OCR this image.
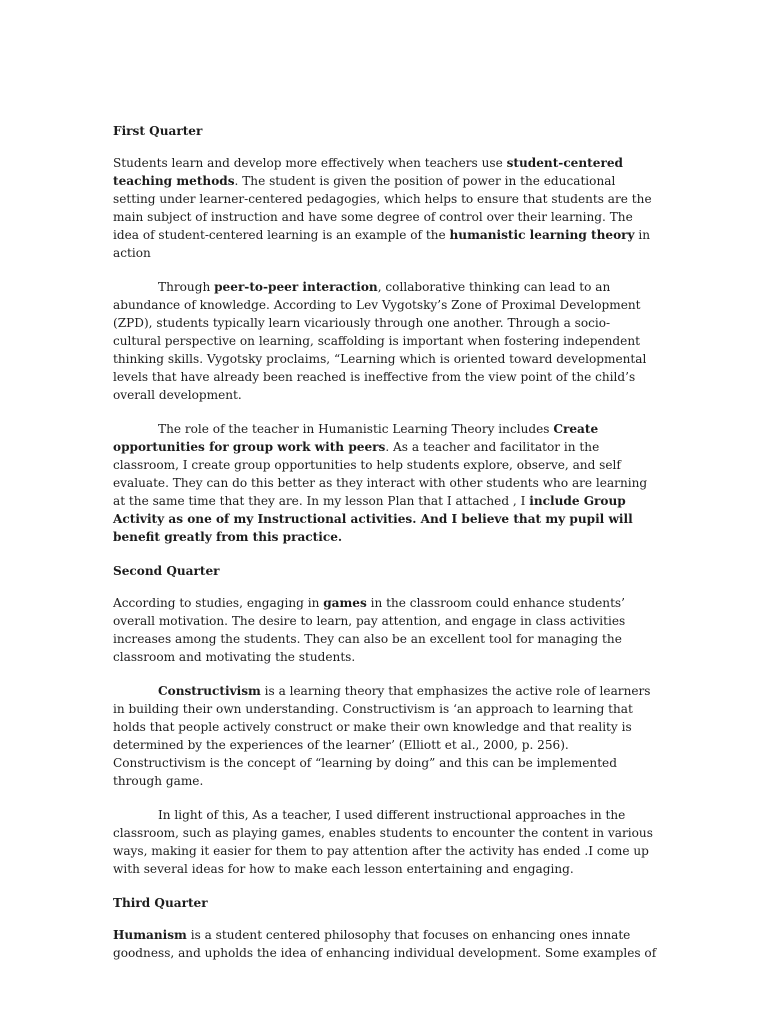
First Quarter
Students learn and develop more effectively when teachers use student-centered teaching methods. The student is given the position of power in the educational setting under learner-centered pedagogies, which helps to ensure that students are the main subject of instruction and have some degree of control over their learning. The idea of student-centered learning is an example of the humanistic learning theory in action
Through peer-to-peer interaction, collaborative thinking can lead to an abundance of knowledge. According to Lev Vygotsky’s Zone of Proximal Development (ZPD), students typically learn vicariously through one another. Through a socio-cultural perspective on learning, scaffolding is important when fostering independent thinking skills. Vygotsky proclaims, “Learning which is oriented toward developmental levels that have already been reached is ineffective from the view point of the child’s overall development.
The role of the teacher in Humanistic Learning Theory includes Create opportunities for group work with peers. As a teacher and facilitator in the classroom, I create group opportunities to help students explore, observe, and self evaluate. They can do this better as they interact with other students who are learning at the same time that they are. In my lesson Plan that I attached , I include Group Activity as one of my Instructional activities. And I believe that my pupil will benefit greatly from this practice.
Second Quarter
According to studies, engaging in games in the classroom could enhance students’ overall motivation. The desire to learn, pay attention, and engage in class activities increases among the students. They can also be an excellent tool for managing the classroom and motivating the students.
Constructivism is a learning theory that emphasizes the active role of learners in building their own understanding. Constructivism is ‘an approach to learning that holds that people actively construct or make their own knowledge and that reality is determined by the experiences of the learner’ (Elliott et al., 2000, p. 256). Constructivism is the concept of “learning by doing” and this can be implemented through game.
In light of this, As a teacher, I used different instructional approaches in the classroom, such as playing games, enables students to encounter the content in various ways, making it easier for them to pay attention after the activity has ended .I come up with several ideas for how to make each lesson entertaining and engaging.
Third Quarter
Humanism is a student centered philosophy that focuses on enhancing ones innate goodness, and upholds the idea of enhancing individual development. Some examples of
